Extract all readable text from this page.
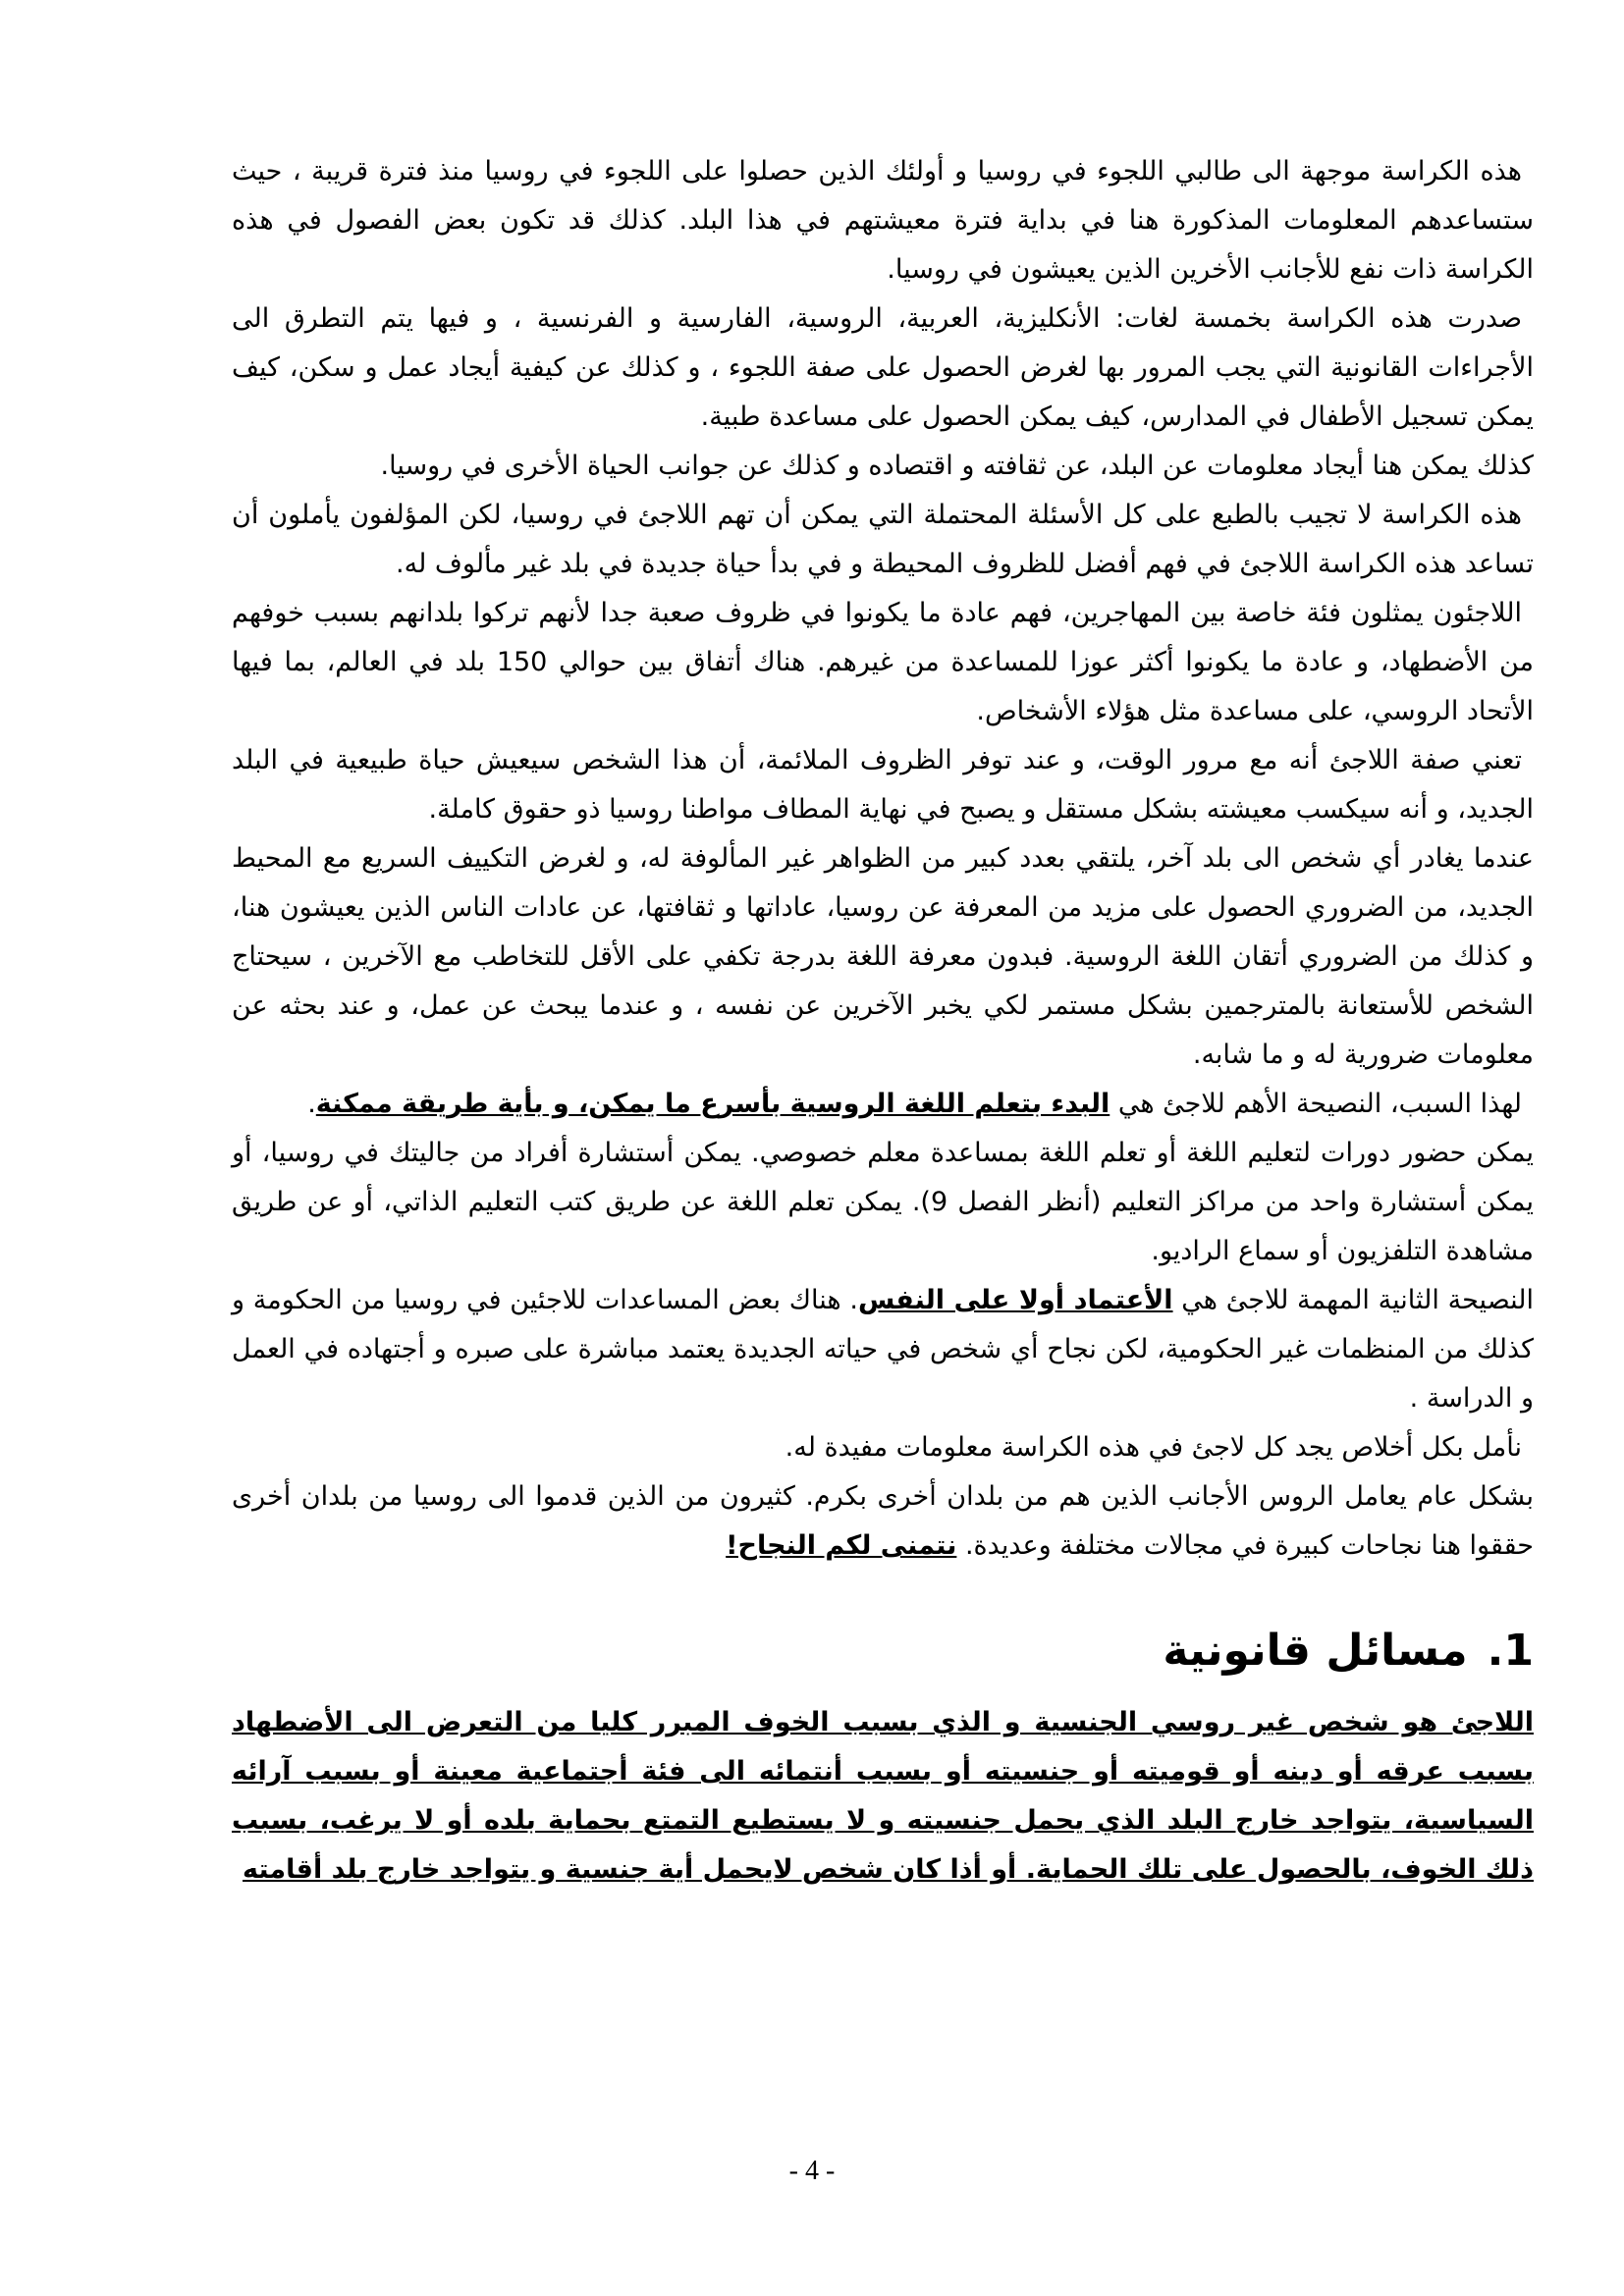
هذه الكراسة موجهة الى طالبي اللجوء في روسيا و أولئك الذين حصلوا على اللجوء في روسيا منذ فترة قريبة ، حيث ستساعدهم المعلومات المذكورة هنا في بداية فترة معيشتهم في هذا البلد. كذلك قد تكون بعض الفصول في هذه الكراسة ذات نفع للأجانب الأخرين الذين يعيشون في روسيا.

صدرت هذه الكراسة بخمسة لغات: الأنكليزية، العربية، الروسية، الفارسية و الفرنسية ، و فيها يتم التطرق الى الأجراءات القانونية التي يجب المرور بها لغرض الحصول على صفة اللجوء ، و كذلك عن كيفية أيجاد عمل و سكن، كيف يمكن تسجيل الأطفال في المدارس، كيف يمكن الحصول على مساعدة طبية.

كذلك يمكن هنا أيجاد معلومات عن البلد، عن ثقافته و اقتصاده و كذلك عن جوانب الحياة الأخرى في روسيا.

هذه الكراسة لا تجيب بالطبع على كل الأسئلة المحتملة التي يمكن أن تهم اللاجئ في روسيا، لكن المؤلفون يأملون أن تساعد هذه الكراسة اللاجئ في فهم أفضل للظروف المحيطة و في بدأ حياة جديدة في بلد غير مألوف له.

اللاجئون يمثلون فئة خاصة بين المهاجرين، فهم عادة ما يكونوا في ظروف صعبة جدا لأنهم تركوا بلدانهم بسبب خوفهم من الأضطهاد، و عادة ما يكونوا أكثر عوزا للمساعدة من غيرهم. هناك أتفاق بين حوالي 150 بلد في العالم، بما فيها الأتحاد الروسي، على مساعدة مثل هؤلاء الأشخاص.

تعني صفة اللاجئ أنه مع مرور الوقت، و عند توفر الظروف الملائمة، أن هذا الشخص سيعيش حياة طبيعية في البلد الجديد، و أنه سيكسب معيشته بشكل مستقل و يصبح في نهاية المطاف مواطنا روسيا ذو حقوق كاملة.

عندما يغادر أي شخص الى بلد آخر، يلتقي بعدد كبير من الظواهر غير المألوفة له، و لغرض التكييف السريع مع المحيط الجديد، من الضروري الحصول على مزيد من المعرفة عن روسيا، عاداتها و ثقافتها، عن عادات الناس الذين يعيشون هنا، و كذلك من الضروري أتقان اللغة الروسية. فبدون معرفة اللغة بدرجة تكفي على الأقل للتخاطب مع الآخرين ، سيحتاج الشخص للأستعانة بالمترجمين بشكل مستمر لكي يخبر الآخرين عن نفسه ، و عندما يبحث عن عمل، و عند بحثه عن معلومات ضرورية له و ما شابه.

لهذا السبب، النصيحة الأهم للاجئ هي البدء بتعلم اللغة الروسية بأسرع ما يمكن، و بأية طريقة ممكنة.

يمكن حضور دورات لتعليم اللغة أو تعلم اللغة بمساعدة معلم خصوصي. يمكن أستشارة أفراد من جاليتك في روسيا، أو يمكن أستشارة واحد من مراكز التعليم (أنظر الفصل 9). يمكن تعلم اللغة عن طريق كتب التعليم الذاتي، أو عن طريق مشاهدة التلفزيون أو سماع الراديو.

النصيحة الثانية المهمة للاجئ هي الأعتماد أولا على النفس. هناك بعض المساعدات للاجئين في روسيا من الحكومة و كذلك من المنظمات غير الحكومية، لكن نجاح أي شخص في حياته الجديدة يعتمد مباشرة على صبره و أجتهاده في العمل و الدراسة .

نأمل بكل أخلاص يجد كل لاجئ في هذه الكراسة معلومات مفيدة له.

بشكل عام يعامل الروس الأجانب الذين هم من بلدان أخرى بكرم. كثيرون من الذين قدموا الى روسيا من بلدان أخرى حققوا هنا نجاحات كبيرة في مجالات مختلفة وعديدة. نتمنى لكم النجاح!

1.مسائل قانونية

اللاجئ هو شخص غير روسي الجنسية و الذي بسبب الخوف المبرر كليا من التعرض الى الأضطهاد بسبب عرقه أو دينه أو قوميته أو جنسيته أو بسبب أنتمائه الى فئة أجتماعية معينة أو بسبب آرائه السياسية، يتواجد خارج البلد الذي يحمل جنسيته و لا يستطيع التمتع بحماية بلده أو لا يرغب، بسبب ذلك الخوف، بالحصول على تلك الحماية. أو أذا كان شخص لايحمل أية جنسية و يتواجد خارج بلد أقامته

- 4 -
